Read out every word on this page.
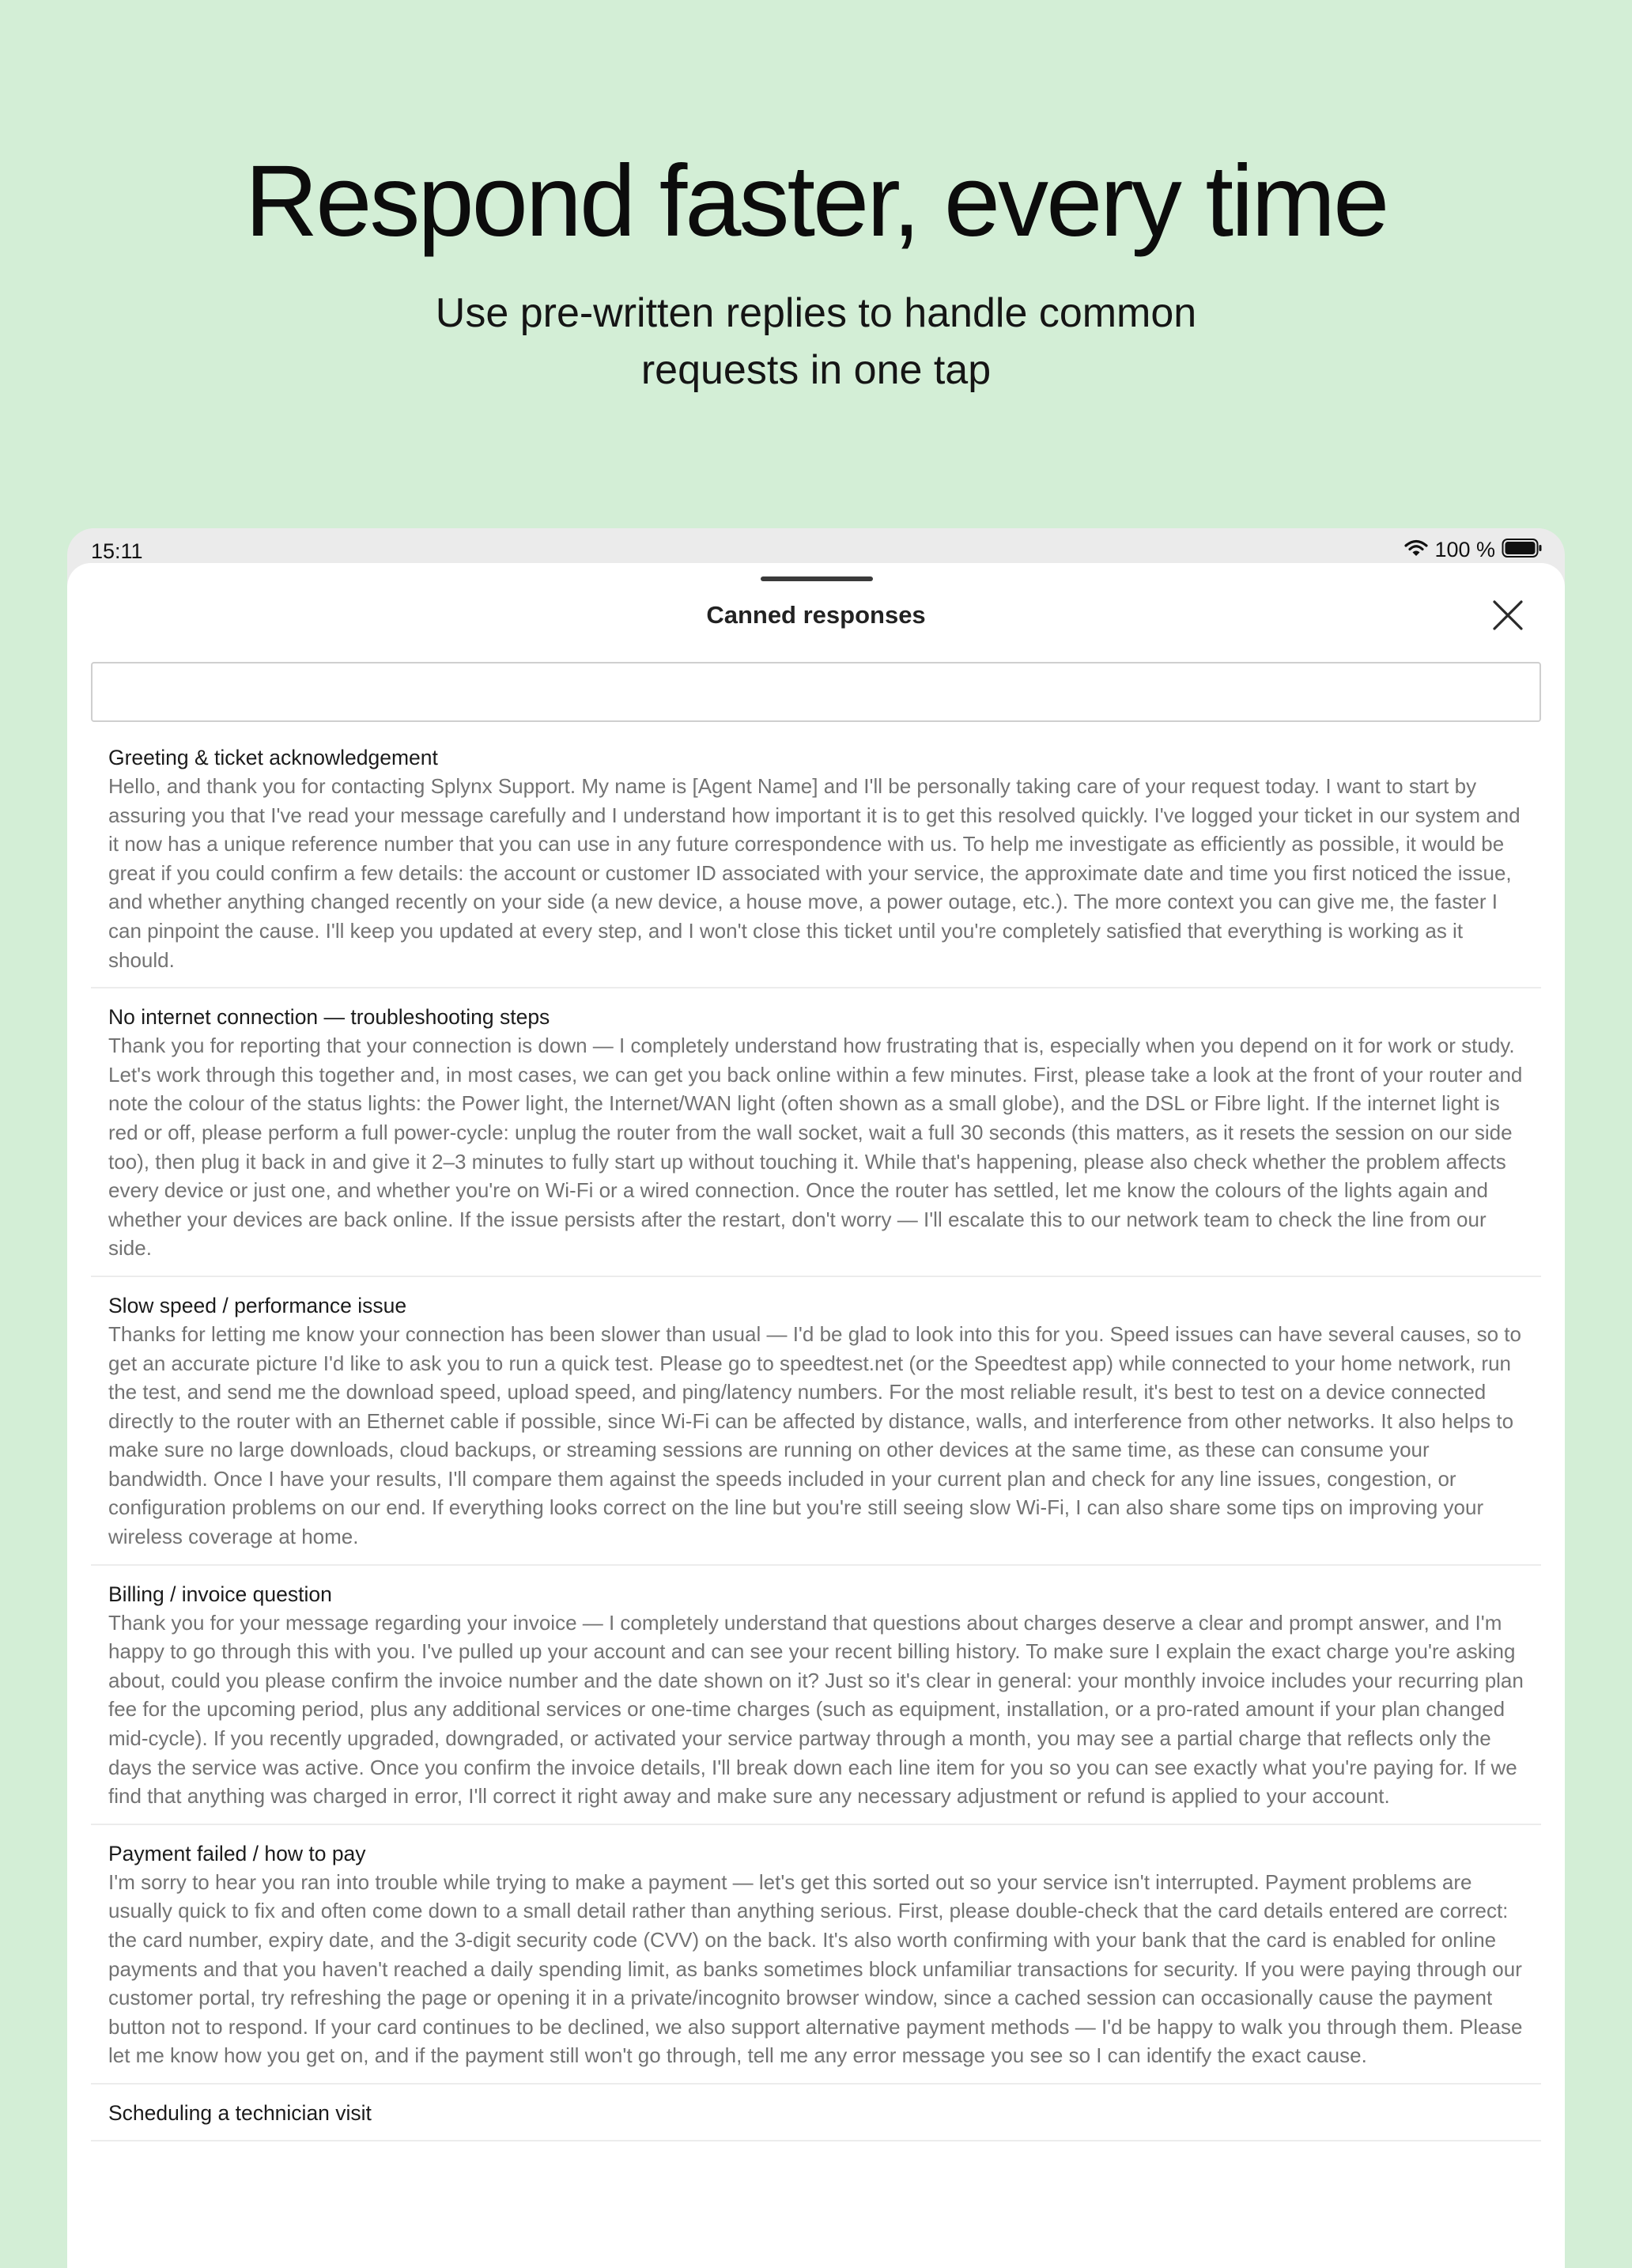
Respond faster, every time

Use pre-written replies to handle common
requests in one tap

15:11	100 %
Canned responses
Greeting & ticket acknowledgement
Hello, and thank you for contacting Splynx Support. My name is [Agent Name] and I'll be personally taking care of your request today. I want to start by assuring you that I've read your message carefully and I understand how important it is to get this resolved quickly. I've logged your ticket in our system and it now has a unique reference number that you can use in any future correspondence with us. To help me investigate as efficiently as possible, it would be great if you could confirm a few details: the account or customer ID associated with your service, the approximate date and time you first noticed the issue, and whether anything changed recently on your side (a new device, a house move, a power outage, etc.). The more context you can give me, the faster I can pinpoint the cause. I'll keep you updated at every step, and I won't close this ticket until you're completely satisfied that everything is working as it should.
No internet connection — troubleshooting steps
Thank you for reporting that your connection is down — I completely understand how frustrating that is, especially when you depend on it for work or study. Let's work through this together and, in most cases, we can get you back online within a few minutes. First, please take a look at the front of your router and note the colour of the status lights: the Power light, the Internet/WAN light (often shown as a small globe), and the DSL or Fibre light. If the internet light is red or off, please perform a full power-cycle: unplug the router from the wall socket, wait a full 30 seconds (this matters, as it resets the session on our side too), then plug it back in and give it 2–3 minutes to fully start up without touching it. While that's happening, please also check whether the problem affects every device or just one, and whether you're on Wi-Fi or a wired connection. Once the router has settled, let me know the colours of the lights again and whether your devices are back online. If the issue persists after the restart, don't worry — I'll escalate this to our network team to check the line from our side.
Slow speed / performance issue
Thanks for letting me know your connection has been slower than usual — I'd be glad to look into this for you. Speed issues can have several causes, so to get an accurate picture I'd like to ask you to run a quick test. Please go to speedtest.net (or the Speedtest app) while connected to your home network, run the test, and send me the download speed, upload speed, and ping/latency numbers. For the most reliable result, it's best to test on a device connected directly to the router with an Ethernet cable if possible, since Wi-Fi can be affected by distance, walls, and interference from other networks. It also helps to make sure no large downloads, cloud backups, or streaming sessions are running on other devices at the same time, as these can consume your bandwidth. Once I have your results, I'll compare them against the speeds included in your current plan and check for any line issues, congestion, or configuration problems on our end. If everything looks correct on the line but you're still seeing slow Wi-Fi, I can also share some tips on improving your wireless coverage at home.
Billing / invoice question
Thank you for your message regarding your invoice — I completely understand that questions about charges deserve a clear and prompt answer, and I'm happy to go through this with you. I've pulled up your account and can see your recent billing history. To make sure I explain the exact charge you're asking about, could you please confirm the invoice number and the date shown on it? Just so it's clear in general: your monthly invoice includes your recurring plan fee for the upcoming period, plus any additional services or one-time charges (such as equipment, installation, or a pro-rated amount if your plan changed mid-cycle). If you recently upgraded, downgraded, or activated your service partway through a month, you may see a partial charge that reflects only the days the service was active. Once you confirm the invoice details, I'll break down each line item for you so you can see exactly what you're paying for. If we find that anything was charged in error, I'll correct it right away and make sure any necessary adjustment or refund is applied to your account.
Payment failed / how to pay
I'm sorry to hear you ran into trouble while trying to make a payment — let's get this sorted out so your service isn't interrupted. Payment problems are usually quick to fix and often come down to a small detail rather than anything serious. First, please double-check that the card details entered are correct: the card number, expiry date, and the 3-digit security code (CVV) on the back. It's also worth confirming with your bank that the card is enabled for online payments and that you haven't reached a daily spending limit, as banks sometimes block unfamiliar transactions for security. If you were paying through our customer portal, try refreshing the page or opening it in a private/incognito browser window, since a cached session can occasionally cause the payment button not to respond. If your card continues to be declined, we also support alternative payment methods — I'd be happy to walk you through them. Please let me know how you get on, and if the payment still won't go through, tell me any error message you see so I can identify the exact cause.
Scheduling a technician visit
